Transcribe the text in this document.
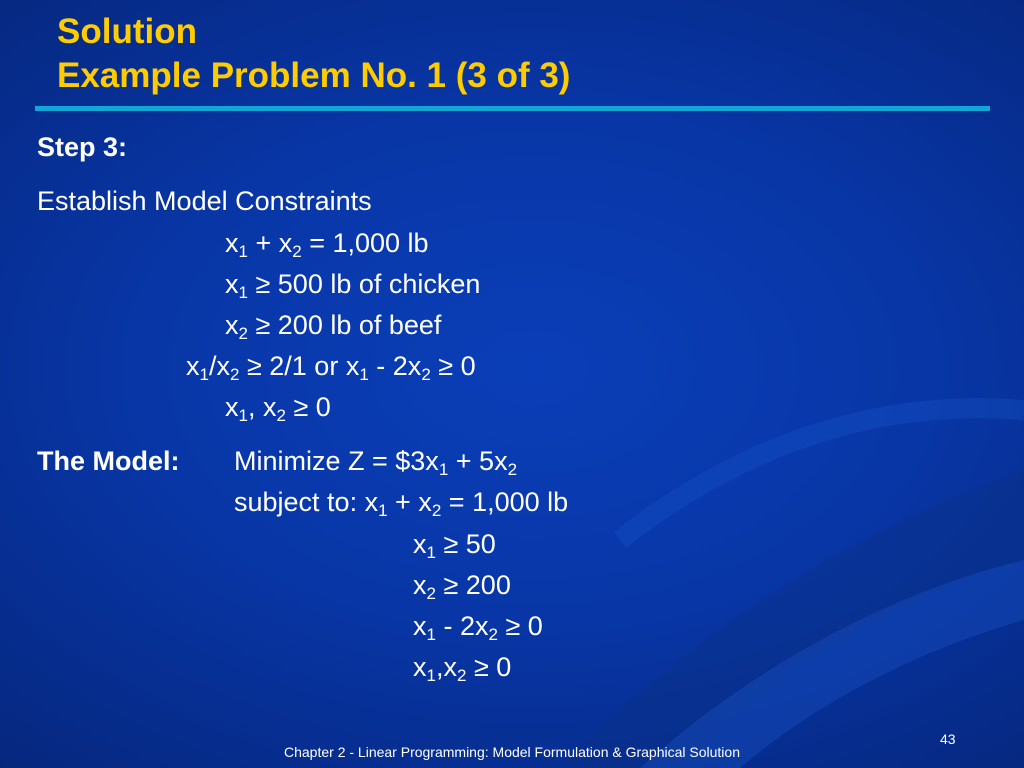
Solution
Example Problem No. 1 (3 of 3)
Step 3:
Establish Model Constraints
$x_1 + x_2 = 1,000$ lb
$x_1 \ge 500$ lb of chicken
$x_2 \ge 200$ lb of beef
$x_1/x_2 \ge 2/1$ or $x_1 - 2x_2 \ge 0$
$x_1$, $x_2 \ge 0$
The Model: Minimize $Z = \$3x_1 + 5x_2$
subject to: $x_1 + x_2 = 1,000$ lb
$x_1 \ge 50$
$x_2 \ge 200$
$x_1 - 2x_2 \ge 0$
$x_1,x_2 \ge 0$
43
Chapter 2 - Linear Programming: Model Formulation & Graphical Solution
